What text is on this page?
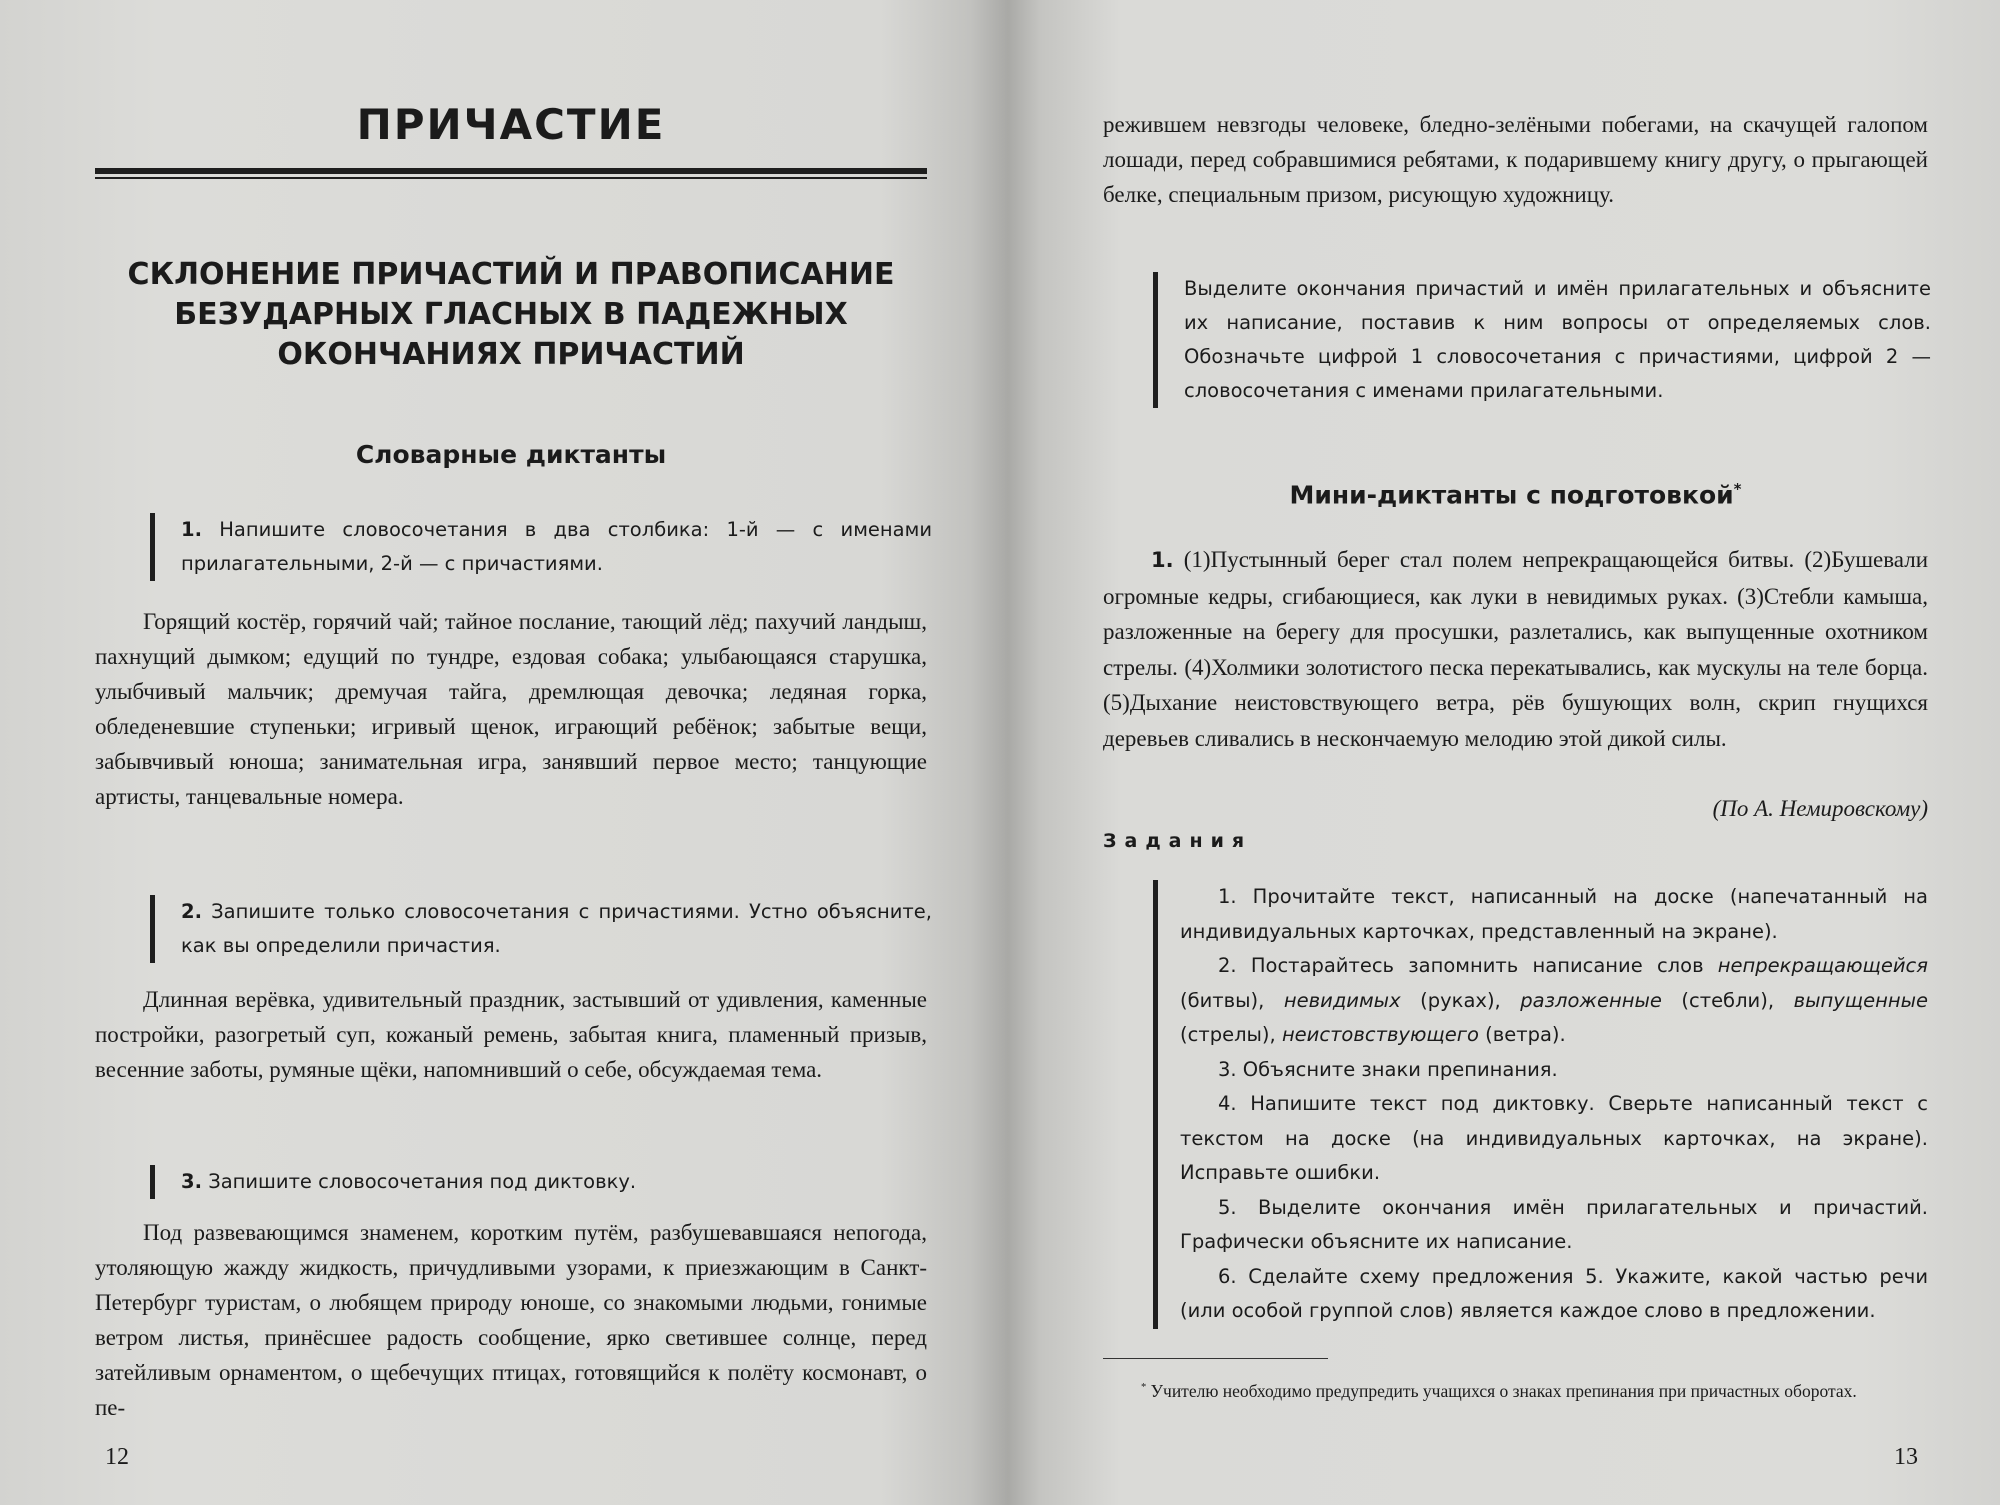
ПРИЧАСТИЕ
СКЛОНЕНИЕ ПРИЧАСТИЙ И ПРАВОПИСАНИЕ
БЕЗУДАРНЫХ ГЛАСНЫХ В ПАДЕЖНЫХ
ОКОНЧАНИЯХ ПРИЧАСТИЙ
Словарные диктанты
1. Напишите словосочетания в два столбика: 1-й — с именами прилагательными, 2-й — с причастиями.

Горящий костёр, горячий чай; тайное послание, тающий лёд; пахучий ландыш, пахнущий дымком; едущий по тундре, ездовая собака; улыбающаяся старушка, улыбчивый мальчик; дремучая тайга, дремлющая девочка; ледяная горка, обледеневшие ступеньки; игривый щенок, играющий ребёнок; забытые вещи, забывчивый юноша; занимательная игра, занявший первое место; танцующие артисты, танцевальные номера.

2. Запишите только словосочетания с причастиями. Устно объясните, как вы определили причастия.

Длинная верёвка, удивительный праздник, застывший от удивления, каменные постройки, разогретый суп, кожаный ремень, забытая книга, пламенный призыв, весенние заботы, румяные щёки, напомнивший о себе, обсуждаемая тема.

3. Запишите словосочетания под диктовку.

Под развевающимся знаменем, коротким путём, разбушевавшаяся непогода, утоляющую жажду жидкость, причудливыми узорами, к приезжающим в Санкт-Петербург туристам, о любящем природу юноше, со знакомыми людьми, гонимые ветром листья, принёсшее радость сообщение, ярко светившее солнце, перед затейливым орнаментом, о щебечущих птицах, готовящийся к полёту космонавт, о пе-

12

режившем невзгоды человеке, бледно-зелёными побегами, на скачущей галопом лошади, перед собравшимися ребятами, к подарившему книгу другу, о прыгающей белке, специальным призом, рисующую художницу.

Выделите окончания причастий и имён прилагательных и объясните их написание, поставив к ним вопросы от определяемых слов. Обозначьте цифрой 1 словосочетания с причастиями, цифрой 2 — словосочетания с именами прилагательными.
Мини-диктанты с подготовкой*

1. (1)Пустынный берег стал полем непрекращающейся битвы. (2)Бушевали огромные кедры, сгибающиеся, как луки в невидимых руках. (3)Стебли камыша, разложенные на берегу для просушки, разлетались, как выпущенные охотником стрелы. (4)Холмики золотистого песка перекатывались, как мускулы на теле борца. (5)Дыхание неистовствующего ветра, рёв бушующих волн, скрип гнущихся деревьев сливались в нескончаемую мелодию этой дикой силы.

(По А. Немировскому)
Задания

1. Прочитайте текст, написанный на доске (напечатанный на индивидуальных карточках, представленный на экране).

2. Постарайтесь запомнить написание слов непрекращающейся (битвы), невидимых (руках), разложенные (стебли), выпущенные (стрелы), неистовствующего (ветра).

3. Объясните знаки препинания.

4. Напишите текст под диктовку. Сверьте написанный текст с текстом на доске (на индивидуальных карточках, на экране). Исправьте ошибки.

5. Выделите окончания имён прилагательных и причастий. Графически объясните их написание.

6. Сделайте схему предложения 5. Укажите, какой частью речи (или особой группой слов) является каждое слово в предложении.

* Учителю необходимо предупредить учащихся о знаках препинания при причастных оборотах.
13
